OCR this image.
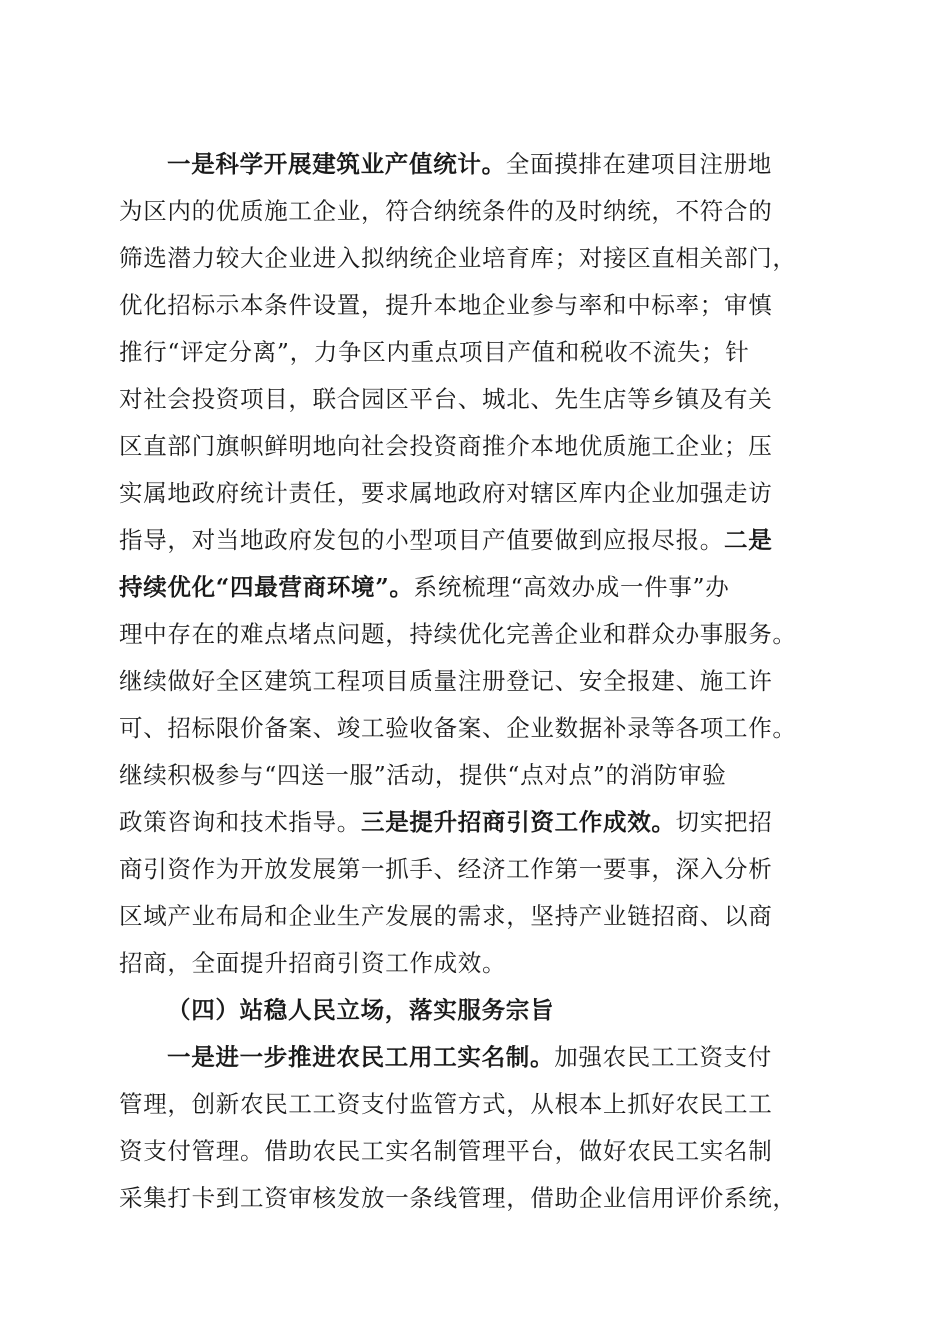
一是科学开展建筑业产值统计。全面摸排在建项目注册地
为区内的优质施工企业，符合纳统条件的及时纳统，不符合的
筛选潜力较大企业进入拟纳统企业培育库；对接区直相关部门，
优化招标示本条件设置，提升本地企业参与率和中标率；审慎
推行“评定分离”，力争区内重点项目产值和税收不流失；针
对社会投资项目，联合园区平台、城北、先生店等乡镇及有关
区直部门旗帜鲜明地向社会投资商推介本地优质施工企业；压
实属地政府统计责任，要求属地政府对辖区库内企业加强走访
指导，对当地政府发包的小型项目产值要做到应报尽报。二是
持续优化“四最营商环境”。系统梳理“高效办成一件事”办
理中存在的难点堵点问题，持续优化完善企业和群众办事服务。
继续做好全区建筑工程项目质量注册登记、安全报建、施工许
可、招标限价备案、竣工验收备案、企业数据补录等各项工作。
继续积极参与“四送一服”活动，提供“点对点”的消防审验
政策咨询和技术指导。三是提升招商引资工作成效。切实把招
商引资作为开放发展第一抓手、经济工作第一要事，深入分析
区域产业布局和企业生产发展的需求，坚持产业链招商、以商
招商，全面提升招商引资工作成效。
（四）站稳人民立场，落实服务宗旨
一是进一步推进农民工用工实名制。加强农民工工资支付
管理，创新农民工工资支付监管方式，从根本上抓好农民工工
资支付管理。借助农民工实名制管理平台，做好农民工实名制
采集打卡到工资审核发放一条线管理，借助企业信用评价系统，
